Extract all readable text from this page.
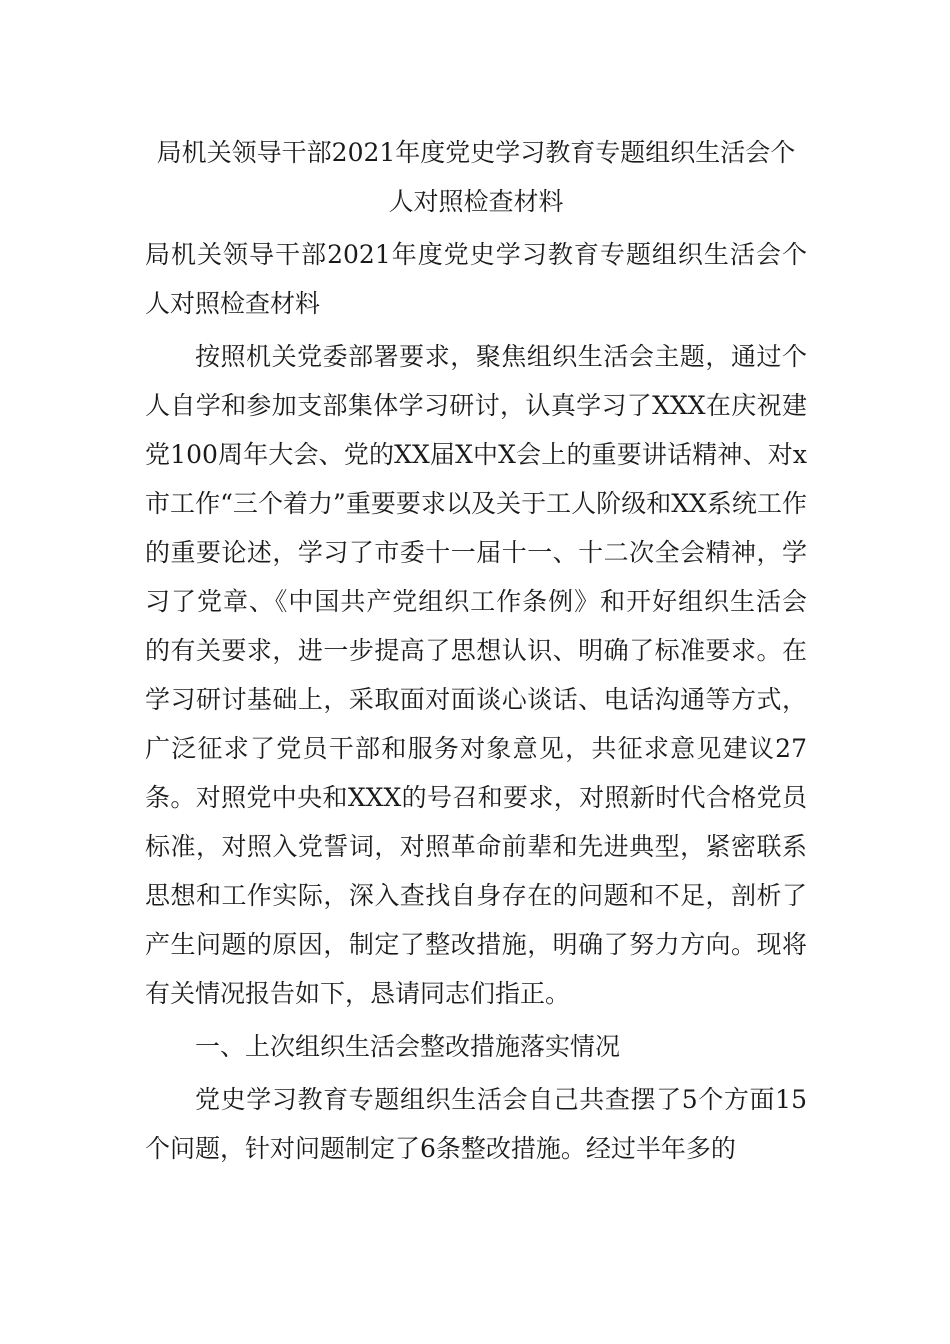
局机关领导干部2021年度党史学习教育专题组织生活会个
人对照检查材料

局机关领导干部2021年度党史学习教育专题组织生活会个人对照检查材料

按照机关党委部署要求，聚焦组织生活会主题，通过个人自学和参加支部集体学习研讨，认真学习了XXX在庆祝建党100周年大会、党的XX届X中X会上的重要讲话精神、对x市工作“三个着力”重要要求以及关于工人阶级和XX系统工作的重要论述，学习了市委十一届十一、十二次全会精神，学习了党章、《中国共产党组织工作条例》和开好组织生活会的有关要求，进一步提高了思想认识、明确了标准要求。在学习研讨基础上，采取面对面谈心谈话、电话沟通等方式，广泛征求了党员干部和服务对象意见，共征求意见建议27条。对照党中央和XXX的号召和要求，对照新时代合格党员标准，对照入党誓词，对照革命前辈和先进典型，紧密联系思想和工作实际，深入查找自身存在的问题和不足，剖析了产生问题的原因，制定了整改措施，明确了努力方向。现将有关情况报告如下，恳请同志们指正。

一、上次组织生活会整改措施落实情况

党史学习教育专题组织生活会自己共查摆了5个方面15个问题，针对问题制定了6条整改措施。经过半年多的
